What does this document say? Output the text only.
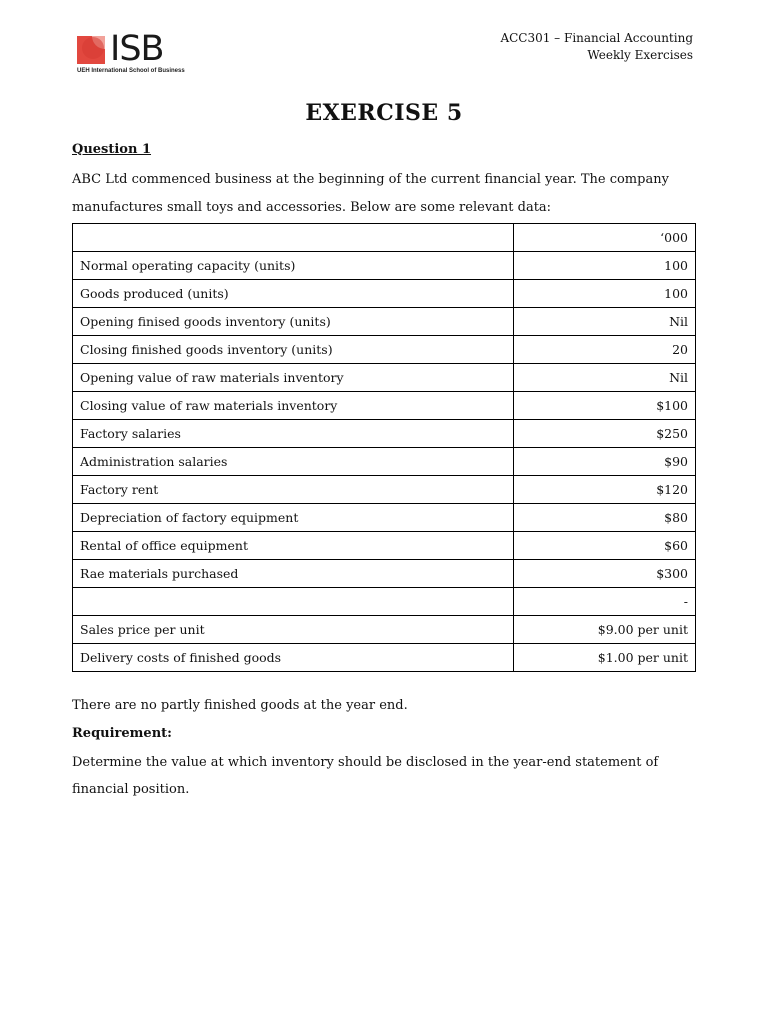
ISB
UEH International School of Business
ACC301 – Financial Accounting
Weekly Exercises
EXERCISE 5
Question 1

ABC Ltd commenced business at the beginning of the current financial year. The company manufactures small toys and accessories. Below are some relevant data:

	‘000
Normal operating capacity (units)	100
Goods produced (units)	100
Opening finised goods inventory (units)	Nil
Closing finished goods inventory (units)	20
Opening value of raw materials inventory	Nil
Closing value of raw materials inventory	$100
Factory salaries	$250
Administration salaries	$90
Factory rent	$120
Depreciation of factory equipment	$80
Rental of office equipment	$60
Rae materials purchased	$300
	-
Sales price per unit	$9.00 per unit
Delivery costs of finished goods	$1.00 per unit
There are no partly finished goods at the year end.
Requirement:

Determine the value at which inventory should be disclosed in the year-end statement of financial position.
